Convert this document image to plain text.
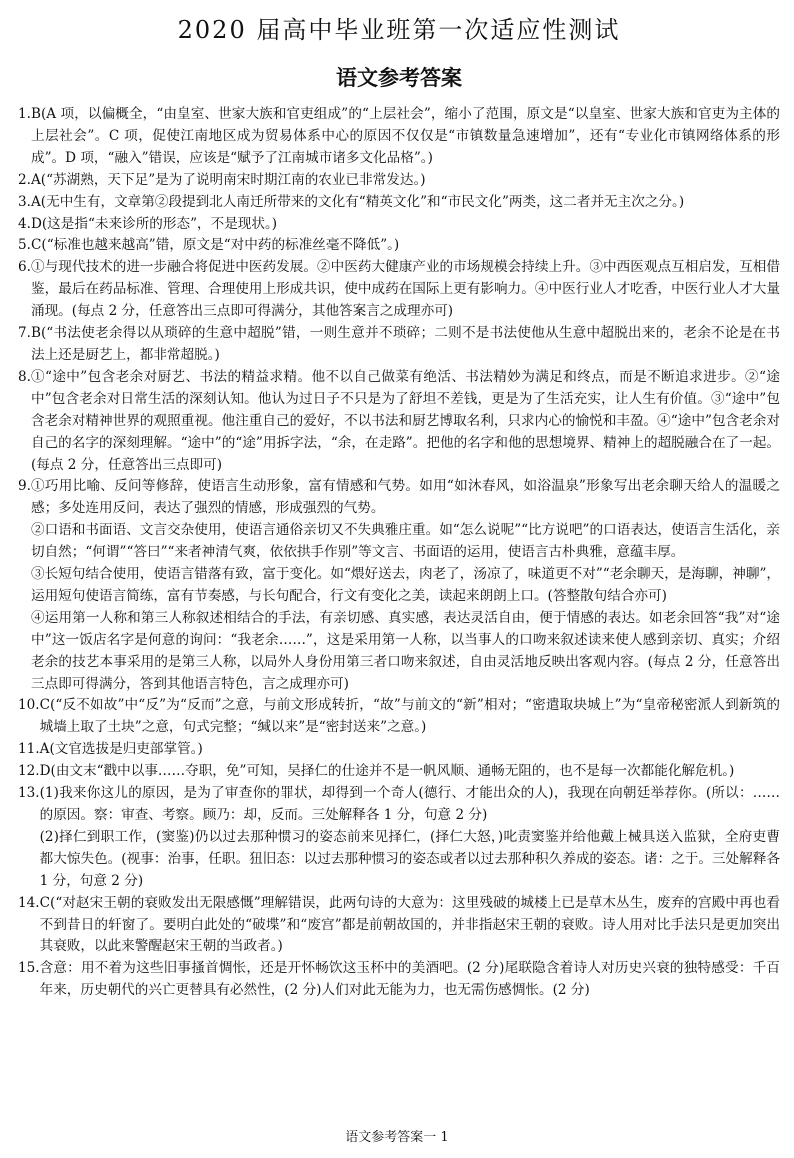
2020 届高中毕业班第一次适应性测试
语文参考答案
1. B(A 项，以偏概全，“由皇室、世家大族和官吏组成”的“上层社会”，缩小了范围，原文是“以皇室、世家大族和官吏为主体的上层社会”。C 项，促使江南地区成为贸易体系中心的原因不仅仅是“市镇数量急速增加”，还有“专业化市镇网络体系的形成”。D 项，“融入”错误，应该是“赋予了江南城市诸多文化品格”。)
2. A(“苏湖熟，天下足”是为了说明南宋时期江南的农业已非常发达。)
3. A(无中生有，文章第②段提到北人南迁所带来的文化有“精英文化”和“市民文化”两类，这二者并无主次之分。)
4. D(这是指“未来诊所的形态”，不是现状。)
5. C(“标准也越来越高”错，原文是“对中药的标准丝毫不降低”。)
6. ①与现代技术的进一步融合将促进中医药发展。②中医药大健康产业的市场规模会持续上升。③中西医观点互相启发，互相借鉴，最后在药品标准、管理、合理使用上形成共识，使中成药在国际上更有影响力。④中医行业人才吃香，中医行业人才大量涌现。(每点 2 分，任意答出三点即可得满分，其他答案言之成理亦可)
7. B(“书法使老余得以从琐碎的生意中超脱”错，一则生意并不琐碎；二则不是书法使他从生意中超脱出来的，老余不论是在书法上还是厨艺上，都非常超脱。)
8. ①“途中”包含老余对厨艺、书法的精益求精。他不以自己做菜有绝活、书法精妙为满足和终点，而是不断追求进步。②“途中”包含老余对日常生活的深刻认知。他认为过日子不只是为了舒坦不差钱，更是为了生活充实，让人生有价值。③“途中”包含老余对精神世界的观照重视。他注重自己的爱好，不以书法和厨艺博取名利，只求内心的愉悦和丰盈。④“途中”包含老余对自己的名字的深刻理解。“途中”的“途”用拆字法，“余，在走路”。把他的名字和他的思想境界、精神上的超脱融合在了一起。(每点 2 分，任意答出三点即可)
9. ①巧用比喻、反问等修辞，使语言生动形象，富有情感和气势。如用“如沐春风，如浴温泉”形象写出老余聊天给人的温暖之感；多处连用反问，表达了强烈的情感，形成强烈的气势。

②口语和书面语、文言交杂使用，使语言通俗亲切又不失典雅庄重。如“怎么说呢”“比方说吧”的口语表达，使语言生活化，亲切自然；“何谓”“答曰”“来者神清气爽，依依拱手作别”等文言、书面语的运用，使语言古朴典雅，意蕴丰厚。

③长短句结合使用，使语言错落有致，富于变化。如“煨好送去，肉老了，汤凉了，味道更不对”“老余聊天，是海聊，神聊”，运用短句使语言简练，富有节奏感，与长句配合，行文有变化之美，读起来朗朗上口。(答整散句结合亦可)

④运用第一人称和第三人称叙述相结合的手法，有亲切感、真实感，表达灵活自由，便于情感的表达。如老余回答“我”对“途中”这一饭店名字是何意的询问：“我老余……”，这是采用第一人称，以当事人的口吻来叙述读来使人感到亲切、真实；介绍老余的技艺本事采用的是第三人称，以局外人身份用第三者口吻来叙述，自由灵活地反映出客观内容。(每点 2 分，任意答出三点即可得满分，答到其他语言特色，言之成理亦可)

10. C(“反不如故”中“反”为“反而”之意，与前文形成转折，“故”与前文的“新”相对；“密遣取块城上”为“皇帝秘密派人到新筑的城墙上取了土块”之意，句式完整；“缄以来”是“密封送来”之意。)
11. A(文官选拔是归吏部掌管。)
12. D(由文末“戳中以事……夺职，免”可知，吴择仁的仕途并不是一帆风顺、通畅无阻的，也不是每一次都能化解危机。)
13. (1)我来你这儿的原因，是为了审查你的罪状，却得到一个奇人(德行、才能出众的人)，我现在向朝廷举荐你。(所以：……的原因。察：审查、考察。顾乃：却，反而。三处解释各 1 分，句意 2 分)

(2)择仁到职工作，(窦鉴)仍以过去那种惯习的姿态前来见择仁，(择仁大怒，)叱责窦鉴并给他戴上械具送入监狱，全府吏曹都大惊失色。(视事：治事，任职。狃旧态：以过去那种惯习的姿态或者以过去那种积久养成的姿态。诸：之于。三处解释各 1 分，句意 2 分)

14. C(“对赵宋王朝的衰败发出无限感慨”理解错误，此两句诗的大意为：这里残破的城楼上已是草木丛生，废弃的宫殿中再也看不到昔日的轩窗了。要明白此处的“破堞”和“废宫”都是前朝故国的，并非指赵宋王朝的衰败。诗人用对比手法只是更加突出其衰败，以此来警醒赵宋王朝的当政者。)
15. 含意：用不着为这些旧事搔首惆怅，还是开怀畅饮这玉杯中的美酒吧。(2 分)尾联隐含着诗人对历史兴衰的独特感受：千百年来，历史朝代的兴亡更替具有必然性，(2 分)人们对此无能为力，也无需伤感惆怅。(2 分)
语文参考答案一 1
